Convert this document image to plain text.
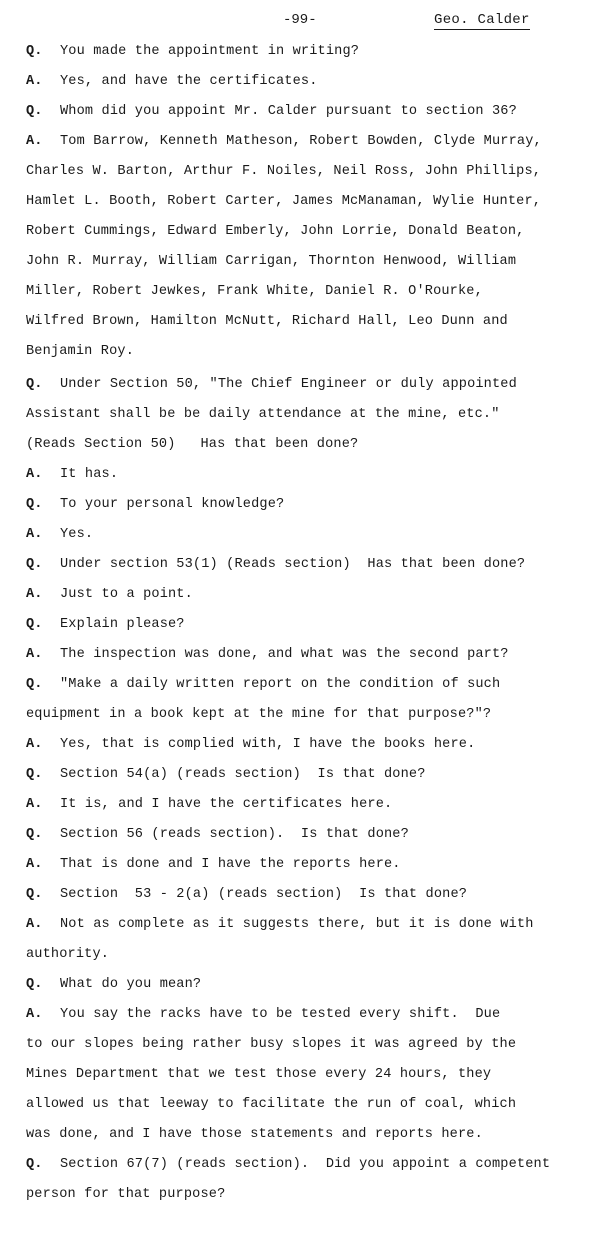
-99-	Geo. Calder
Q. You made the appointment in writing?
A. Yes, and have the certificates.
Q. Whom did you appoint Mr. Calder pursuant to section 36?
A. Tom Barrow, Kenneth Matheson, Robert Bowden, Clyde Murray,
Charles W. Barton, Arthur F. Noiles, Neil Ross, John Phillips,
Hamlet L. Booth, Robert Carter, James McManaman, Wylie Hunter,
Robert Cummings, Edward Emberly, John Lorrie, Donald Beaton,
John R. Murray, William Carrigan, Thornton Henwood, William
Miller, Robert Jewkes, Frank White, Daniel R. O'Rourke,
Wilfred Brown, Hamilton McNutt, Richard Hall, Leo Dunn and
Benjamin Roy.
Q. Under Section 50, "The Chief Engineer or duly appointed
Assistant shall be be daily attendance at the mine, etc."
(Reads Section 50)   Has that been done?
A. It has.
Q. To your personal knowledge?
A. Yes.
Q. Under section 53(1) (Reads section)  Has that been done?
A. Just to a point.
Q. Explain please?
A. The inspection was done, and what was the second part?
Q. "Make a daily written report on the condition of such
equipment in a book kept at the mine for that purpose?"?
A. Yes, that is complied with, I have the books here.
Q. Section 54(a) (reads section)  Is that done?
A. It is, and I have the certificates here.
Q. Section 56 (reads section).  Is that done?
A. That is done and I have the reports here.
Q. Section  53 - 2(a) (reads section)  Is that done?
A. Not as complete as it suggests there, but it is done with
authority.
Q. What do you mean?
A. You say the racks have to be tested every shift.  Due
to our slopes being rather busy slopes it was agreed by the
Mines Department that we test those every 24 hours, they
allowed us that leeway to facilitate the run of coal, which
was done, and I have those statements and reports here.
Q. Section 67(7) (reads section).  Did you appoint a competent
person for that purpose?
